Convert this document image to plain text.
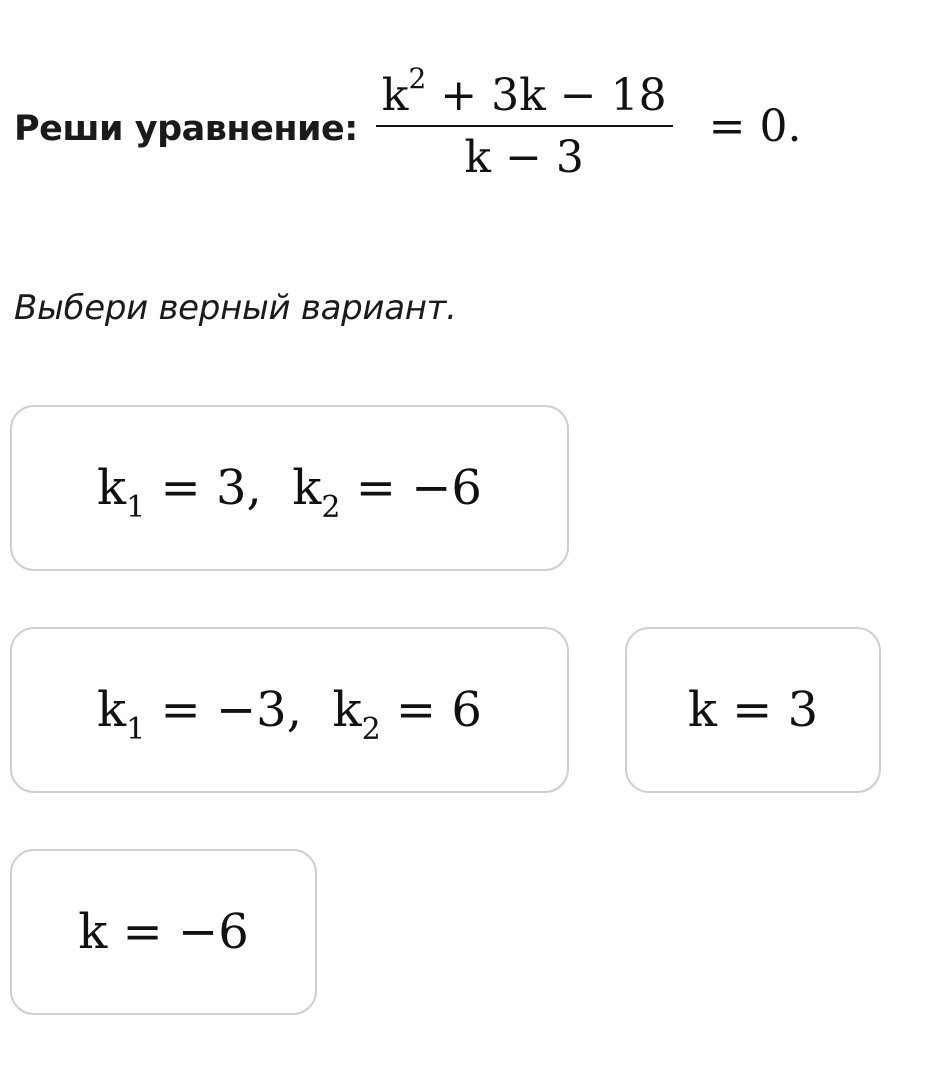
Реши уравнение: $\frac{k^2 + 3k - 18}{k - 3} = 0$.
Выбери верный вариант.
$k_1 = 3$,  $k_2 = -6$
$k_1 = -3$,  $k_2 = 6$	k = 3
k = −6
